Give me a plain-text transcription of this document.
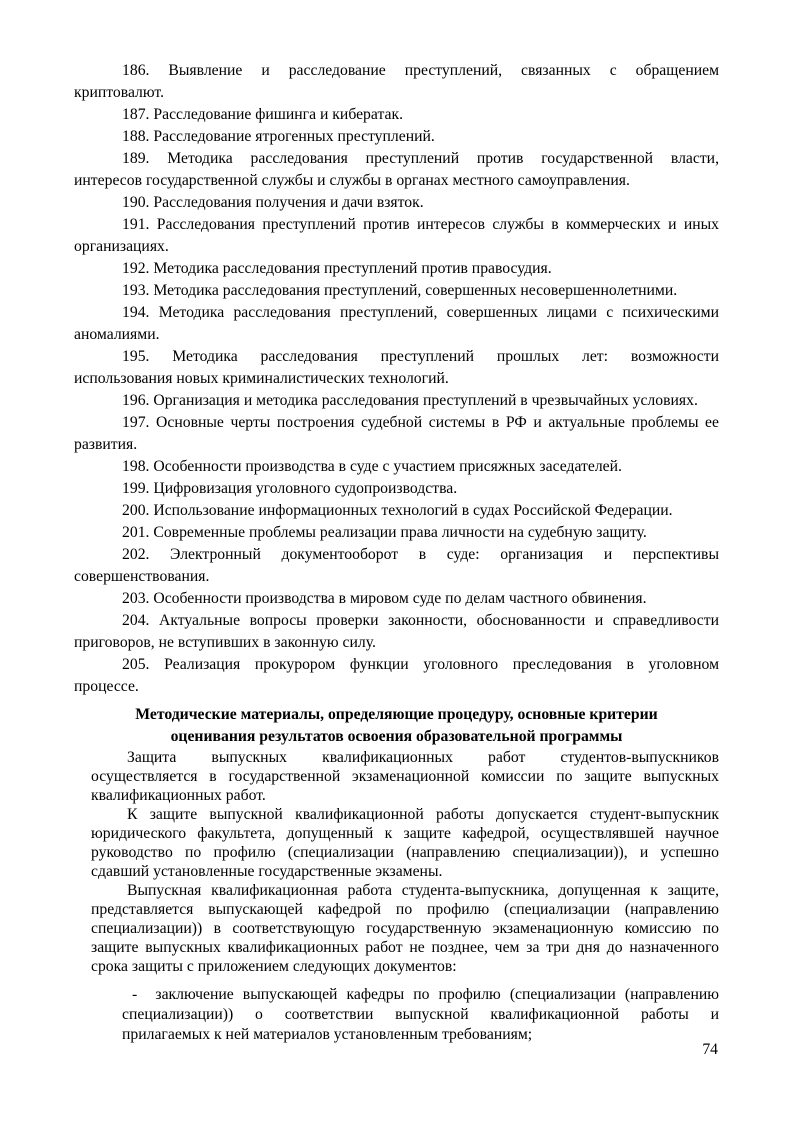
186. Выявление и расследование преступлений, связанных с обращением
криптовалют.
187. Расследование фишинга и кибератак.
188. Расследование ятрогенных преступлений.
189. Методика расследования преступлений против государственной власти,
интересов государственной службы и службы в органах местного самоуправления.
190. Расследования получения и дачи взяток.
191. Расследования преступлений против интересов службы в коммерческих и иных
организациях.
192. Методика расследования преступлений против правосудия.
193. Методика расследования преступлений, совершенных несовершеннолетними.
194. Методика расследования преступлений, совершенных лицами с психическими
аномалиями.
195. Методика расследования преступлений прошлых лет: возможности
использования новых криминалистических технологий.
196. Организация и методика расследования преступлений в чрезвычайных условиях.
197. Основные черты построения судебной системы в РФ и актуальные проблемы ее
развития.
198. Особенности производства в суде с участием присяжных заседателей.
199. Цифровизация уголовного судопроизводства.
200. Использование информационных технологий в судах Российской Федерации.
201. Современные проблемы реализации права личности на судебную защиту.
202. Электронный документооборот в суде: организация и перспективы
совершенствования.
203. Особенности производства в мировом суде по делам частного обвинения.
204. Актуальные вопросы проверки законности, обоснованности и справедливости
приговоров, не вступивших в законную силу.
205. Реализация прокурором функции уголовного преследования в уголовном
процессе.
Методические материалы, определяющие процедуру, основные критерии
оценивания результатов освоения образовательной программы
Защита выпускных квалификационных работ студентов-выпускников
осуществляется в государственной экзаменационной комиссии по защите выпускных
квалификационных работ.
К защите выпускной квалификационной работы допускается студент-выпускник
юридического факультета, допущенный к защите кафедрой, осуществлявшей научное
руководство по профилю (специализации (направлению специализации)), и успешно
сдавший установленные государственные экзамены.
Выпускная квалификационная работа студента-выпускника, допущенная к защите,
представляется выпускающей кафедрой по профилю (специализации (направлению
специализации)) в соответствующую государственную экзаменационную комиссию по
защите выпускных квалификационных работ не позднее, чем за три дня до назначенного
срока защиты с приложением следующих документов:
-  заключение выпускающей кафедры по профилю (специализации (направлению
специализации)) о соответствии выпускной квалификационной работы и
прилагаемых к ней материалов установленным требованиям;
74
